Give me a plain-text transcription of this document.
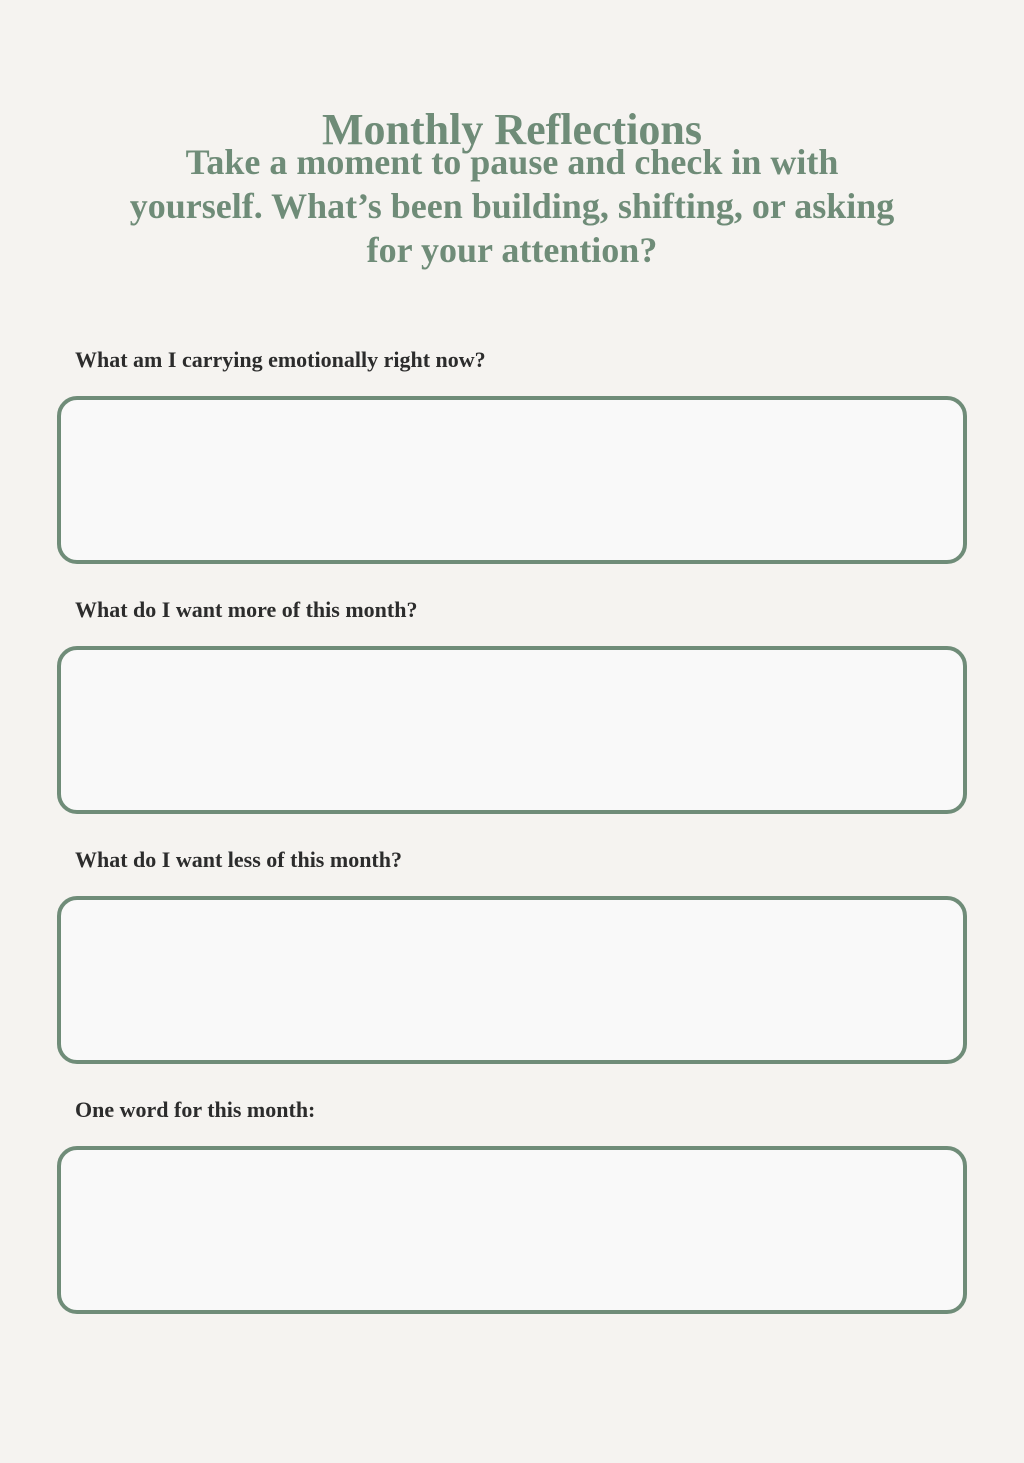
Monthly Reflections

Take a moment to pause and check in with yourself. What’s been building, shifting, or asking for your attention?

What am I carrying emotionally right now?

What do I want more of this month?

What do I want less of this month?

One word for this month:
